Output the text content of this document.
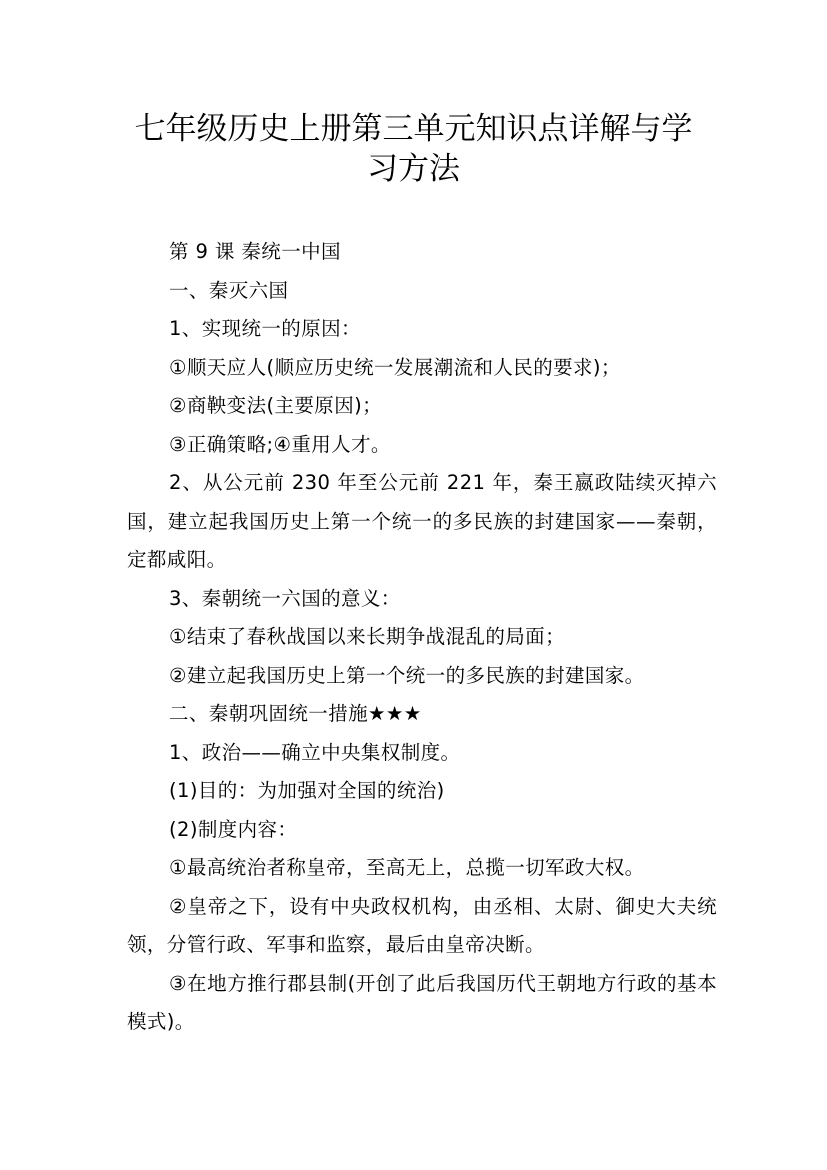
七年级历史上册第三单元知识点详解与学
习方法

第 9 课 秦统一中国

一、秦灭六国

1、实现统一的原因：

①顺天应人(顺应历史统一发展潮流和人民的要求)；

②商鞅变法(主要原因)；

③正确策略;④重用人才。

2、从公元前 230 年至公元前 221 年，秦王嬴政陆续灭掉六国，建立起我国历史上第一个统一的多民族的封建国家——秦朝，定都咸阳。

3、秦朝统一六国的意义：

①结束了春秋战国以来长期争战混乱的局面；

②建立起我国历史上第一个统一的多民族的封建国家。

二、秦朝巩固统一措施★★★

1、政治——确立中央集权制度。

(1)目的：为加强对全国的统治)

(2)制度内容：

①最高统治者称皇帝，至高无上，总揽一切军政大权。

②皇帝之下，设有中央政权机构，由丞相、太尉、御史大夫统领，分管行政、军事和监察，最后由皇帝决断。

③在地方推行郡县制(开创了此后我国历代王朝地方行政的基本模式)。
